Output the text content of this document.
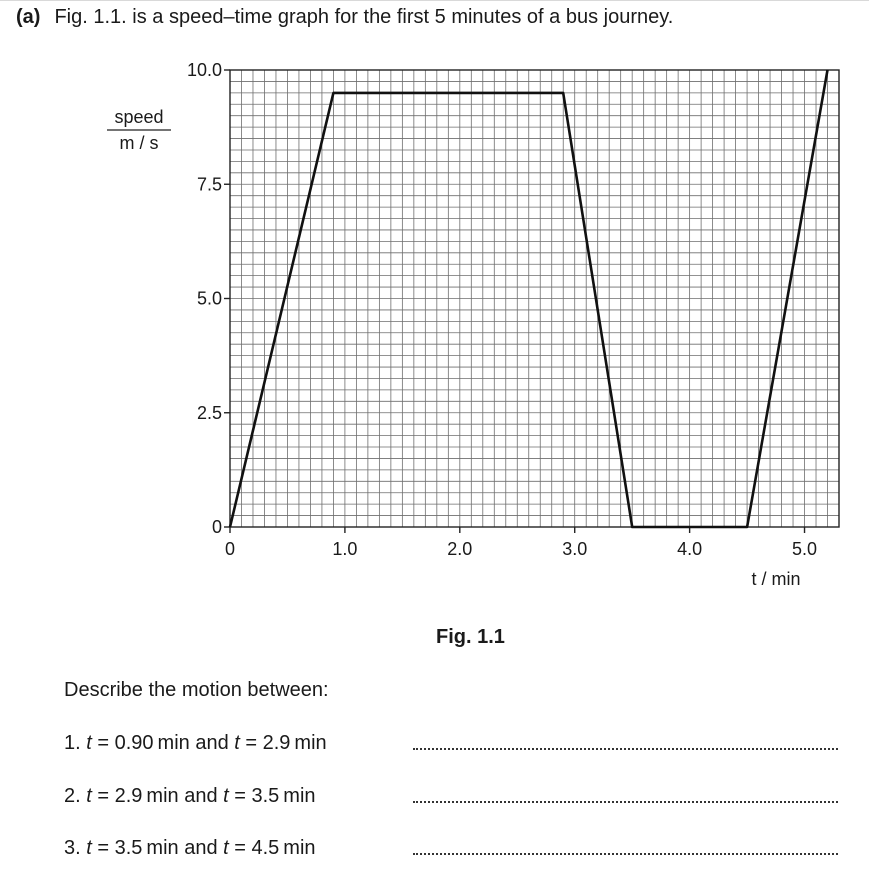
(a) Fig. 1.1. is a speed–time graph for the first 5 minutes of a bus journey.
0
2.5
5.0
7.5
10.0
0	1.0	2.0	3.0	4.0	5.0
t / min
speed
m / s
Fig. 1.1
Describe the motion between:
1. t = 0.90 min and t = 2.9 min
2. t = 2.9 min and t = 3.5 min
3. t = 3.5 min and t = 4.5 min
